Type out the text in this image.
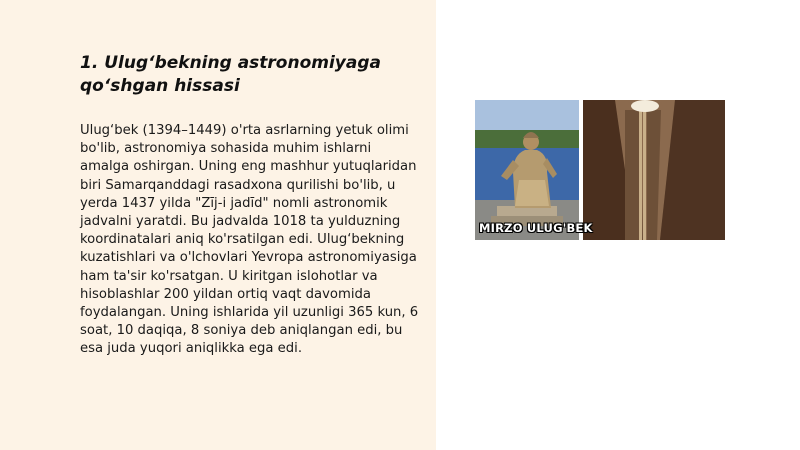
1. Ulug‘bekning astronomiyaga qo‘shgan hissasi

Ulug‘bek (1394–1449) o'rta asrlarning yetuk olimi bo'lib, astronomiya sohasida muhim ishlarni amalga oshirgan. Uning eng mashhur yutuqlaridan biri Samarqanddagi rasadxona qurilishi bo'lib, u yerda 1437 yilda "Zīj-i jadīd" nomli astronomik jadvalni yaratdi. Bu jadvalda 1018 ta yulduzning koordinatalari aniq ko'rsatilgan edi. Ulug‘bekning kuzatishlari va o'lchovlari Yevropa astronomiyasiga ham ta'sir ko'rsatgan. U kiritgan islohotlar va hisoblashlar 200 yildan ortiq vaqt davomida foydalangan. Uning ishlarida yil uzunligi 365 kun, 6 soat, 10 daqiqa, 8 soniya deb aniqlangan edi, bu esa juda yuqori aniqlikka ega edi.

MIRZO ULUG'BEK
